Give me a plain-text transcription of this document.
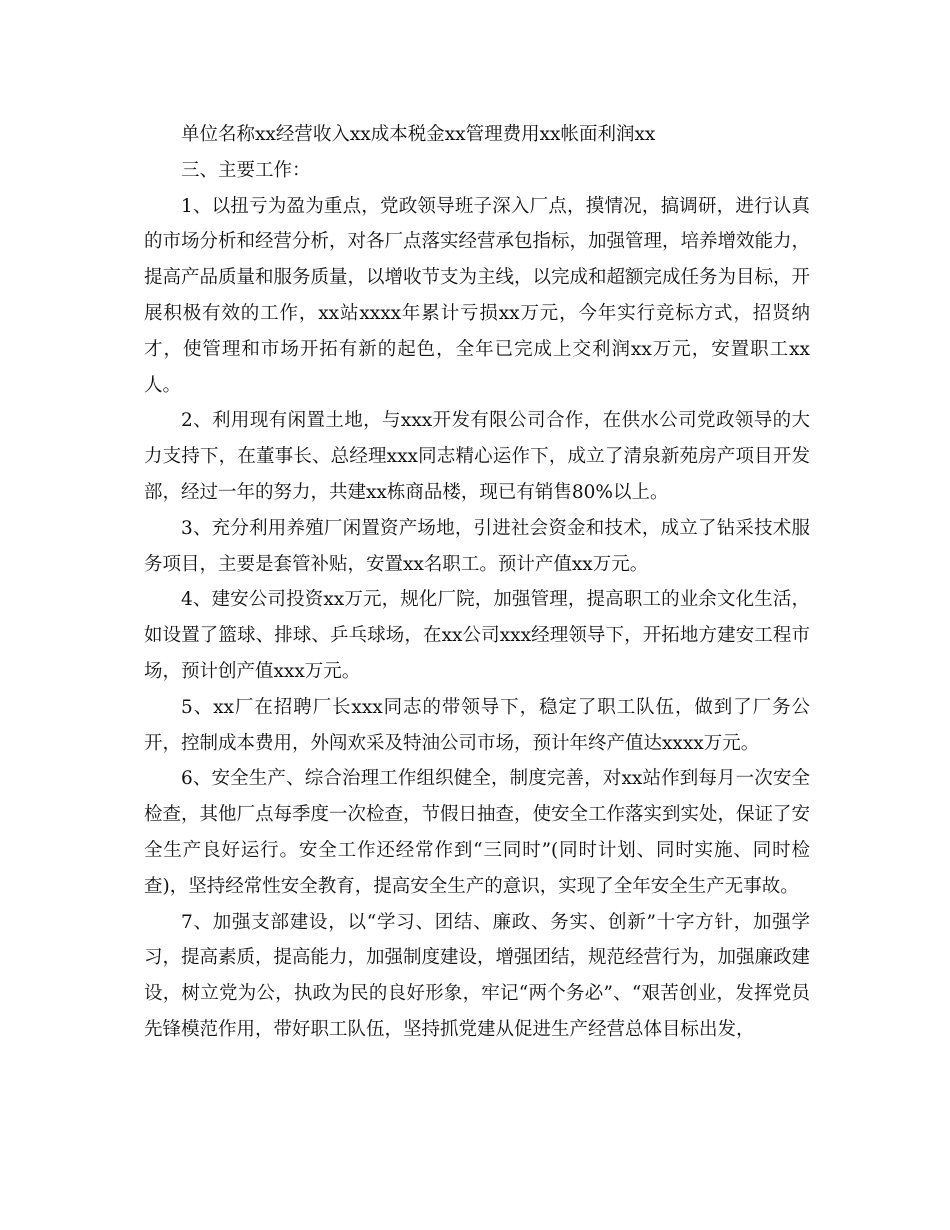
单位名称xx经营收入xx成本税金xx管理费用xx帐面利润xx

三、主要工作：

1、以扭亏为盈为重点，党政领导班子深入厂点，摸情况，搞调研，进行认真的市场分析和经营分析，对各厂点落实经营承包指标，加强管理，培养增效能力，提高产品质量和服务质量，以增收节支为主线，以完成和超额完成任务为目标，开展积极有效的工作，xx站xxxx年累计亏损xx万元，今年实行竞标方式，招贤纳才，使管理和市场开拓有新的起色，全年已完成上交利润xx万元，安置职工xx人。

2、利用现有闲置土地，与xxx开发有限公司合作，在供水公司党政领导的大力支持下，在董事长、总经理xxx同志精心运作下，成立了清泉新苑房产项目开发部，经过一年的努力，共建xx栋商品楼，现已有销售80%以上。

3、充分利用养殖厂闲置资产场地，引进社会资金和技术，成立了钻采技术服务项目，主要是套管补贴，安置xx名职工。预计产值xx万元。

4、建安公司投资xx万元，规化厂院，加强管理，提高职工的业余文化生活，如设置了篮球、排球、乒乓球场，在xx公司xxx经理领导下，开拓地方建安工程市场，预计创产值xxx万元。

5、xx厂在招聘厂长xxx同志的带领导下，稳定了职工队伍，做到了厂务公开，控制成本费用，外闯欢采及特油公司市场，预计年终产值达xxxx万元。

6、安全生产、综合治理工作组织健全，制度完善，对xx站作到每月一次安全检查，其他厂点每季度一次检查，节假日抽查，使安全工作落实到实处，保证了安全生产良好运行。安全工作还经常作到“三同时”(同时计划、同时实施、同时检查)，坚持经常性安全教育，提高安全生产的意识，实现了全年安全生产无事故。

7、加强支部建设，以“学习、团结、廉政、务实、创新”十字方针，加强学习，提高素质，提高能力，加强制度建设，增强团结，规范经营行为，加强廉政建设，树立党为公，执政为民的良好形象，牢记“两个务必”、“艰苦创业，发挥党员先锋模范作用，带好职工队伍，坚持抓党建从促进生产经营总体目标出发，
